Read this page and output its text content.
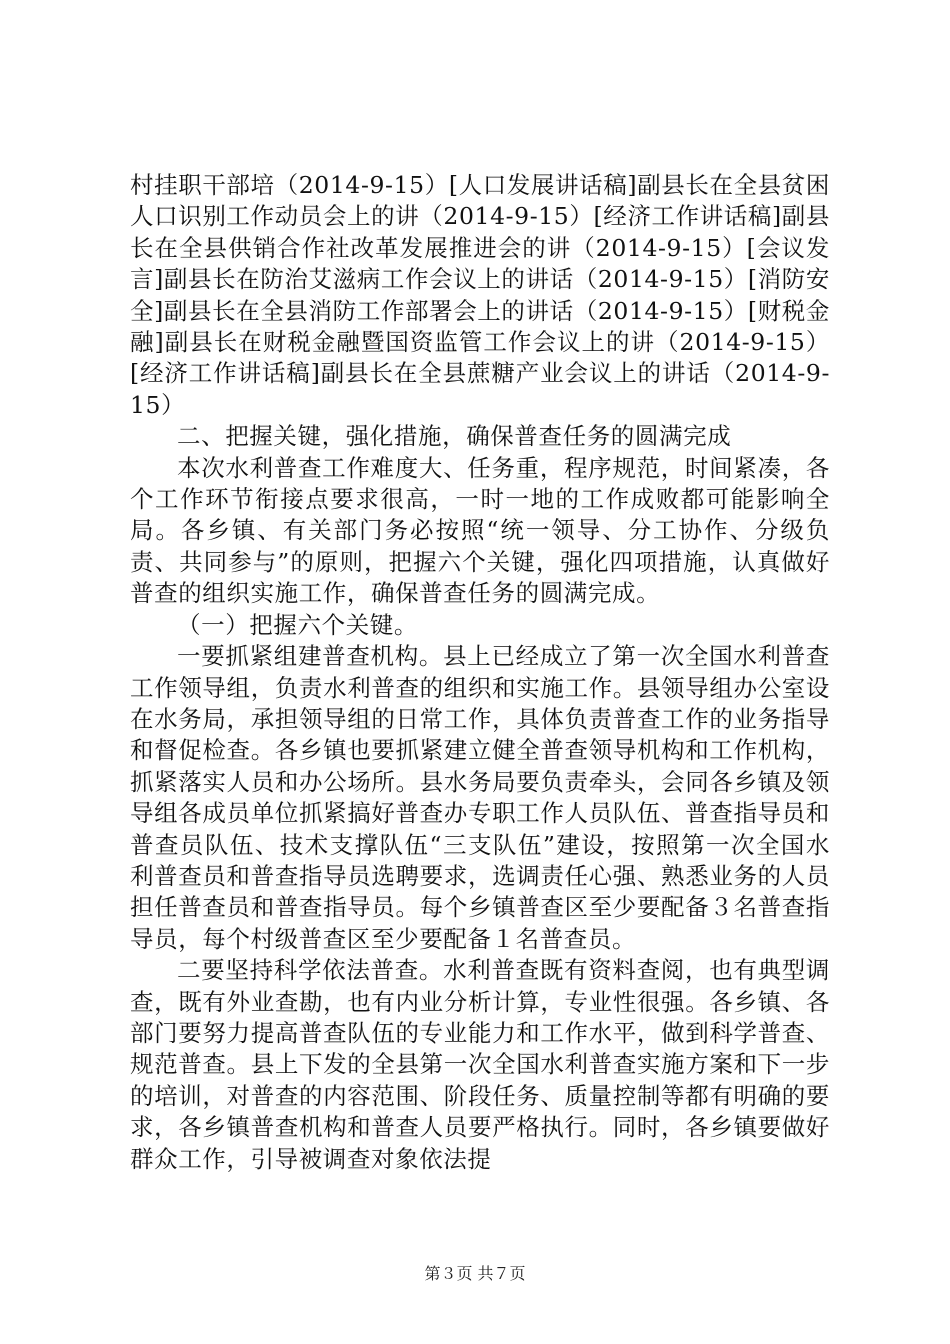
村挂职干部培（2014-9-15）[人口发展讲话稿]副县长在全县贫困人口识别工作动员会上的讲（2014-9-15）[经济工作讲话稿]副县长在全县供销合作社改革发展推进会的讲（2014-9-15）[会议发言]副县长在防治艾滋病工作会议上的讲话（2014-9-15）[消防安全]副县长在全县消防工作部署会上的讲话（2014-9-15）[财税金融]副县长在财税金融暨国资监管工作会议上的讲（2014-9-15）[经济工作讲话稿]副县长在全县蔗糖产业会议上的讲话（2014-9-15）

二、把握关键，强化措施，确保普查任务的圆满完成

本次水利普查工作难度大、任务重，程序规范，时间紧凑，各个工作环节衔接点要求很高，一时一地的工作成败都可能影响全局。各乡镇、有关部门务必按照“统一领导、分工协作、分级负责、共同参与”的原则，把握六个关键，强化四项措施，认真做好普查的组织实施工作，确保普查任务的圆满完成。

（一）把握六个关键。

一要抓紧组建普查机构。县上已经成立了第一次全国水利普查工作领导组，负责水利普查的组织和实施工作。县领导组办公室设在水务局，承担领导组的日常工作，具体负责普查工作的业务指导和督促检查。各乡镇也要抓紧建立健全普查领导机构和工作机构，抓紧落实人员和办公场所。县水务局要负责牵头，会同各乡镇及领导组各成员单位抓紧搞好普查办专职工作人员队伍、普查指导员和普查员队伍、技术支撑队伍“三支队伍”建设，按照第一次全国水利普查员和普查指导员选聘要求，选调责任心强、熟悉业务的人员担任普查员和普查指导员。每个乡镇普查区至少要配备３名普查指导员，每个村级普查区至少要配备１名普查员。

二要坚持科学依法普查。水利普查既有资料查阅，也有典型调查，既有外业查勘，也有内业分析计算，专业性很强。各乡镇、各部门要努力提高普查队伍的专业能力和工作水平，做到科学普查、规范普查。县上下发的全县第一次全国水利普查实施方案和下一步的培训，对普查的内容范围、阶段任务、质量控制等都有明确的要求，各乡镇普查机构和普查人员要严格执行。同时，各乡镇要做好群众工作，引导被调查对象依法提

第３页 共７页
